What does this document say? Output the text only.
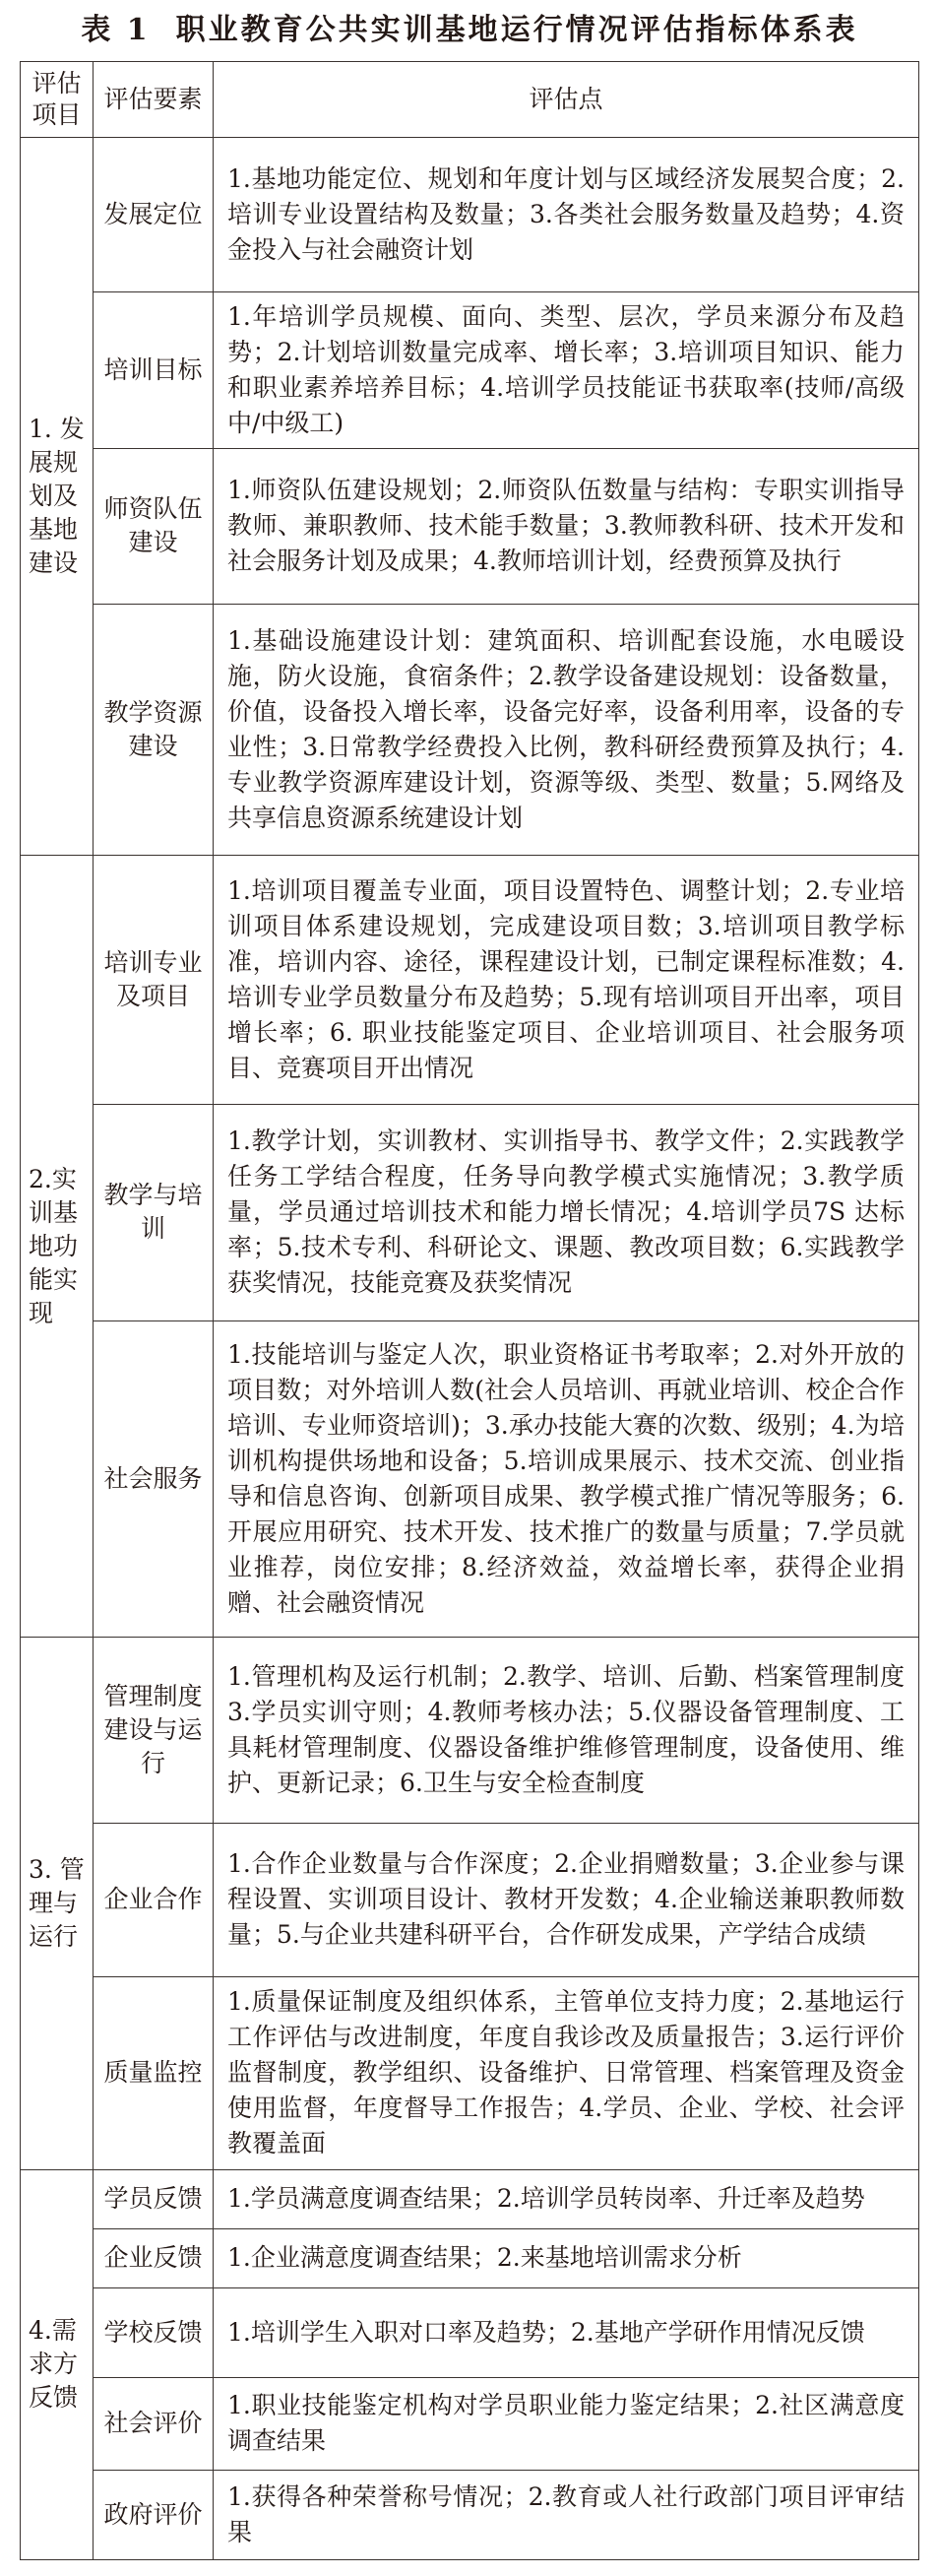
表 1 职业教育公共实训基地运行情况评估指标体系表
评估项目	评估要素	评估点
1. 发展规划及基地建设	发展定位	1.基地功能定位、规划和年度计划与区域经济发展契合度；2.培训专业设置结构及数量；3.各类社会服务数量及趋势；4.资金投入与社会融资计划
	培训目标	1.年培训学员规模、面向、类型、层次，学员来源分布及趋势；2.计划培训数量完成率、增长率；3.培训项目知识、能力和职业素养培养目标；4.培训学员技能证书获取率(技师/高级中/中级工)
	师资队伍建设	1.师资队伍建设规划；2.师资队伍数量与结构：专职实训指导教师、兼职教师、技术能手数量；3.教师教科研、技术开发和社会服务计划及成果；4.教师培训计划，经费预算及执行
	教学资源建设	1.基础设施建设计划：建筑面积、培训配套设施，水电暖设施，防火设施，食宿条件；2.教学设备建设规划：设备数量，价值，设备投入增长率，设备完好率，设备利用率，设备的专业性；3.日常教学经费投入比例，教科研经费预算及执行；4.专业教学资源库建设计划，资源等级、类型、数量；5.网络及共享信息资源系统建设计划
2.实训基地功能实现	培训专业及项目	1.培训项目覆盖专业面，项目设置特色、调整计划；2.专业培训项目体系建设规划，完成建设项目数；3.培训项目教学标准，培训内容、途径，课程建设计划，已制定课程标准数；4.培训专业学员数量分布及趋势；5.现有培训项目开出率，项目增长率；6. 职业技能鉴定项目、企业培训项目、社会服务项目、竞赛项目开出情况
	教学与培训	1.教学计划，实训教材、实训指导书、教学文件；2.实践教学任务工学结合程度，任务导向教学模式实施情况；3.教学质量，学员通过培训技术和能力增长情况；4.培训学员7S 达标率；5.技术专利、科研论文、课题、教改项目数；6.实践教学获奖情况，技能竞赛及获奖情况
	社会服务	1.技能培训与鉴定人次，职业资格证书考取率；2.对外开放的项目数；对外培训人数(社会人员培训、再就业培训、校企合作培训、专业师资培训)；3.承办技能大赛的次数、级别；4.为培训机构提供场地和设备；5.培训成果展示、技术交流、创业指导和信息咨询、创新项目成果、教学模式推广情况等服务；6.开展应用研究、技术开发、技术推广的数量与质量；7.学员就业推荐，岗位安排；8.经济效益，效益增长率，获得企业捐赠、社会融资情况
3. 管理与运行	管理制度建设与运行	1.管理机构及运行机制；2.教学、培训、后勤、档案管理制度 3.学员实训守则；4.教师考核办法；5.仪器设备管理制度、工具耗材管理制度、仪器设备维护维修管理制度，设备使用、维护、更新记录；6.卫生与安全检查制度
	企业合作	1.合作企业数量与合作深度；2.企业捐赠数量；3.企业参与课程设置、实训项目设计、教材开发数；4.企业输送兼职教师数量；5.与企业共建科研平台，合作研发成果，产学结合成绩
	质量监控	1.质量保证制度及组织体系，主管单位支持力度；2.基地运行工作评估与改进制度，年度自我诊改及质量报告；3.运行评价监督制度，教学组织、设备维护、日常管理、档案管理及资金使用监督，年度督导工作报告；4.学员、企业、学校、社会评教覆盖面
4.需求方反馈	学员反馈	1.学员满意度调查结果；2.培训学员转岗率、升迁率及趋势
	企业反馈	1.企业满意度调查结果；2.来基地培训需求分析
	学校反馈	1.培训学生入职对口率及趋势；2.基地产学研作用情况反馈
	社会评价	1.职业技能鉴定机构对学员职业能力鉴定结果；2.社区满意度调查结果
	政府评价	1.获得各种荣誉称号情况；2.教育或人社行政部门项目评审结果
